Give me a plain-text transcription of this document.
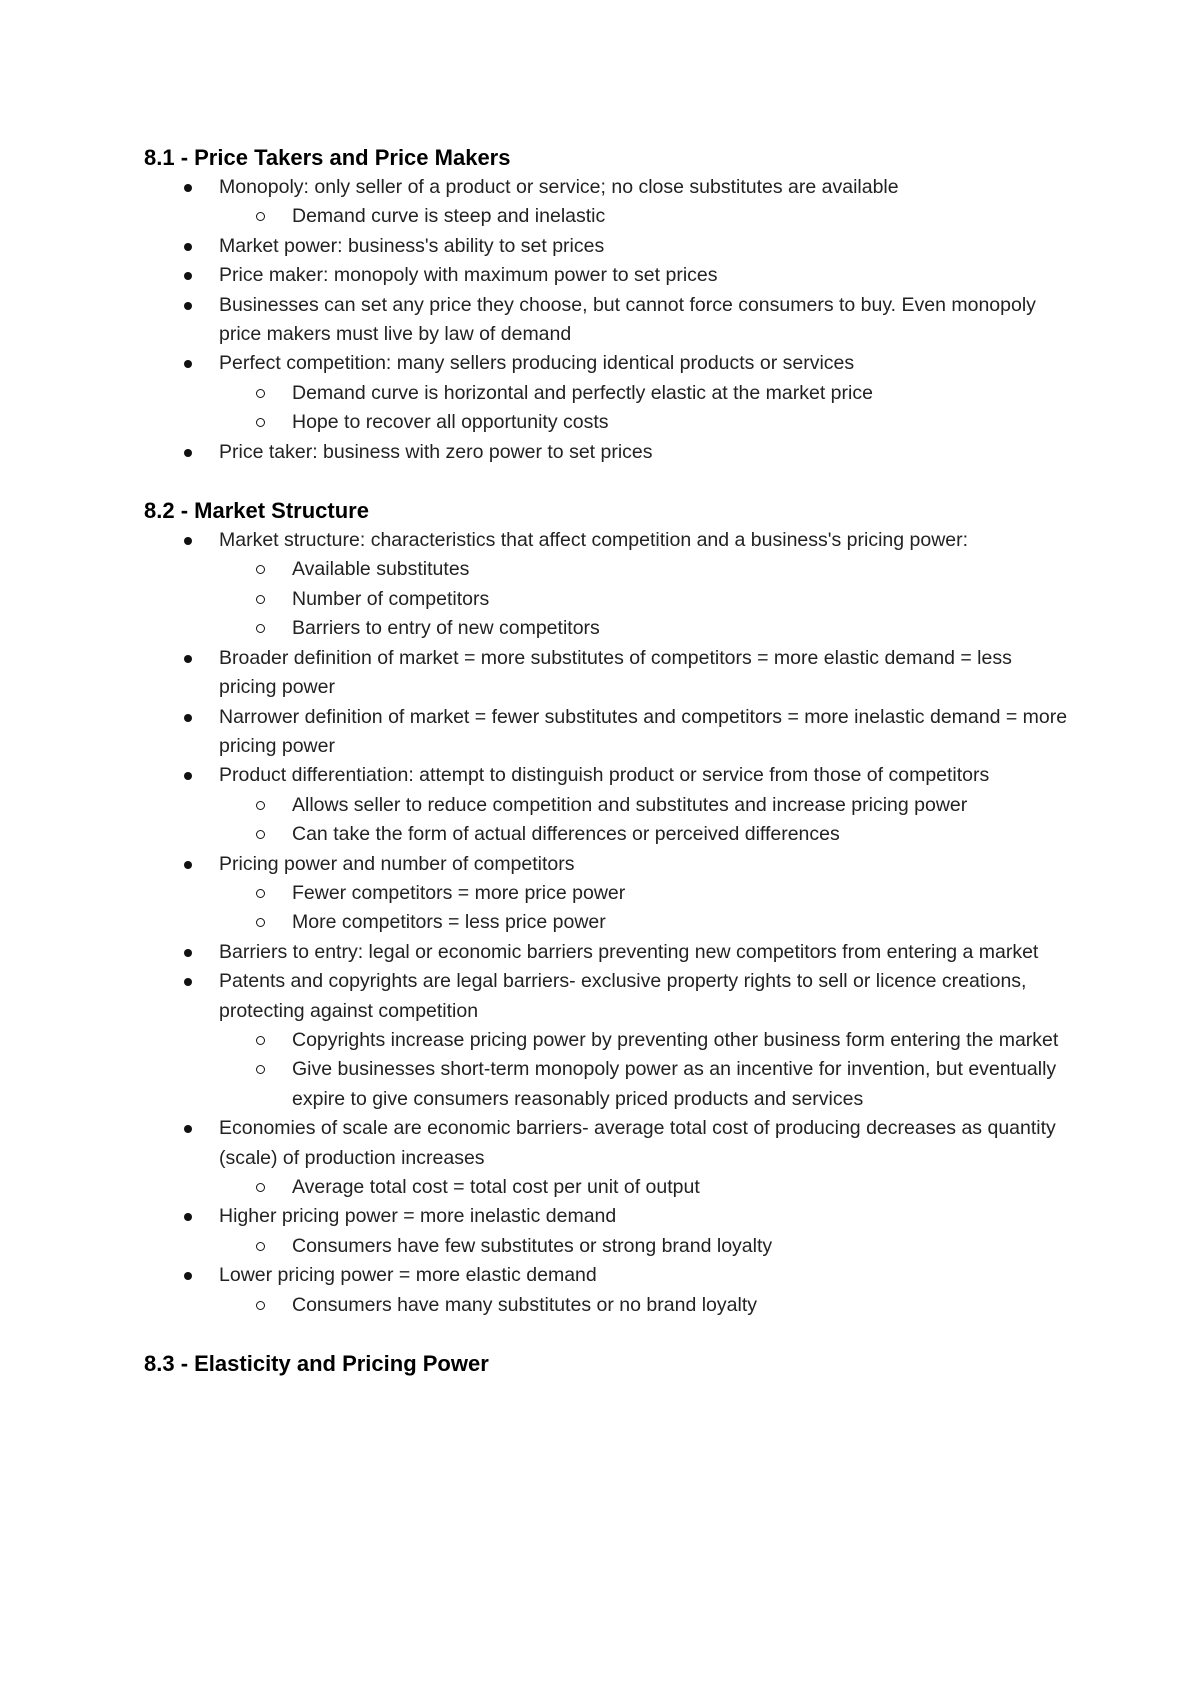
8.1 - Price Takers and Price Makers
Monopoly: only seller of a product or service; no close substitutes are available
Demand curve is steep and inelastic
Market power: business's ability to set prices
Price maker: monopoly with maximum power to set prices
Businesses can set any price they choose, but cannot force consumers to buy. Even monopoly price makers must live by law of demand
Perfect competition: many sellers producing identical products or services
Demand curve is horizontal and perfectly elastic at the market price
Hope to recover all opportunity costs
Price taker: business with zero power to set prices
8.2 - Market Structure
Market structure: characteristics that affect competition and a business's pricing power:
Available substitutes
Number of competitors
Barriers to entry of new competitors
Broader definition of market = more substitutes of competitors = more elastic demand = less pricing power
Narrower definition of market = fewer substitutes and competitors = more inelastic demand = more pricing power
Product differentiation: attempt to distinguish product or service from those of competitors
Allows seller to reduce competition and substitutes and increase pricing power
Can take the form of actual differences or perceived differences
Pricing power and number of competitors
Fewer competitors = more price power
More competitors = less price power
Barriers to entry: legal or economic barriers preventing new competitors from entering a market
Patents and copyrights are legal barriers- exclusive property rights to sell or licence creations, protecting against competition
Copyrights increase pricing power by preventing other business form entering the market
Give businesses short-term monopoly power as an incentive for invention, but eventually expire to give consumers reasonably priced products and services
Economies of scale are economic barriers- average total cost of producing decreases as quantity (scale) of production increases
Average total cost = total cost per unit of output
Higher pricing power = more inelastic demand
Consumers have few substitutes or strong brand loyalty
Lower pricing power = more elastic demand
Consumers have many substitutes or no brand loyalty
8.3 - Elasticity and Pricing Power
